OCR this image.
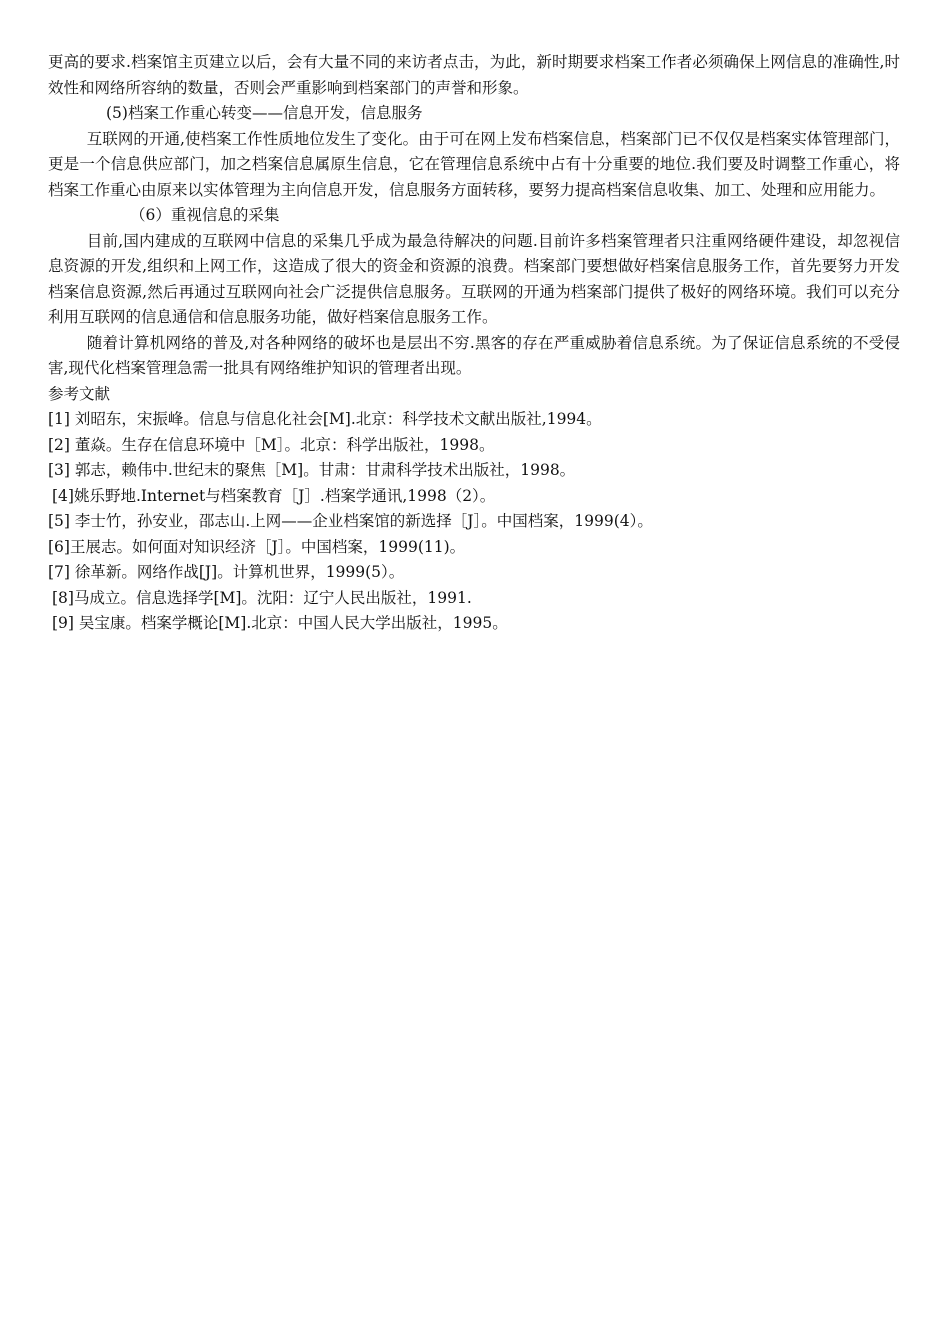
更高的要求.档案馆主页建立以后，会有大量不同的来访者点击，为此，新时期要求档案工作者必须确保上网信息的准确性,时效性和网络所容纳的数量，否则会严重影响到档案部门的声誉和形象。

(5)档案工作重心转变——信息开发，信息服务

互联网的开通,使档案工作性质地位发生了变化。由于可在网上发布档案信息，档案部门已不仅仅是档案实体管理部门，更是一个信息供应部门，加之档案信息属原生信息，它在管理信息系统中占有十分重要的地位.我们要及时调整工作重心，将档案工作重心由原来以实体管理为主向信息开发，信息服务方面转移，要努力提高档案信息收集、加工、处理和应用能力。

（6）重视信息的采集

目前,国内建成的互联网中信息的采集几乎成为最急待解决的问题.目前许多档案管理者只注重网络硬件建设，却忽视信息资源的开发,组织和上网工作，这造成了很大的资金和资源的浪费。档案部门要想做好档案信息服务工作，首先要努力开发档案信息资源,然后再通过互联网向社会广泛提供信息服务。互联网的开通为档案部门提供了极好的网络环境。我们可以充分利用互联网的信息通信和信息服务功能，做好档案信息服务工作。

随着计算机网络的普及,对各种网络的破坏也是层出不穷.黑客的存在严重威胁着信息系统。为了保证信息系统的不受侵害,现代化档案管理急需一批具有网络维护知识的管理者出现。

参考文献

[1] 刘昭东，宋振峰。信息与信息化社会[M].北京：科学技术文献出版社,1994。
[2] 董焱。生存在信息环境中［M］。北京：科学出版社，1998。
[3] 郭志，赖伟中.世纪末的聚焦［M]。甘肃：甘肃科学技术出版社，1998。
[4]姚乐野地.Internet与档案教育［J］.档案学通讯,1998（2）。
[5] 李士竹，孙安业，邵志山.上网——企业档案馆的新选择［J］。中国档案，1999(4）。
[6]王展志。如何面对知识经济［J］。中国档案，1999(11)。
[7] 徐革新。网络作战[J]。计算机世界，1999(5）。
[8]马成立。信息选择学[M]。沈阳：辽宁人民出版社，1991.
[9] 吴宝康。档案学概论[M].北京：中国人民大学出版社，1995。
